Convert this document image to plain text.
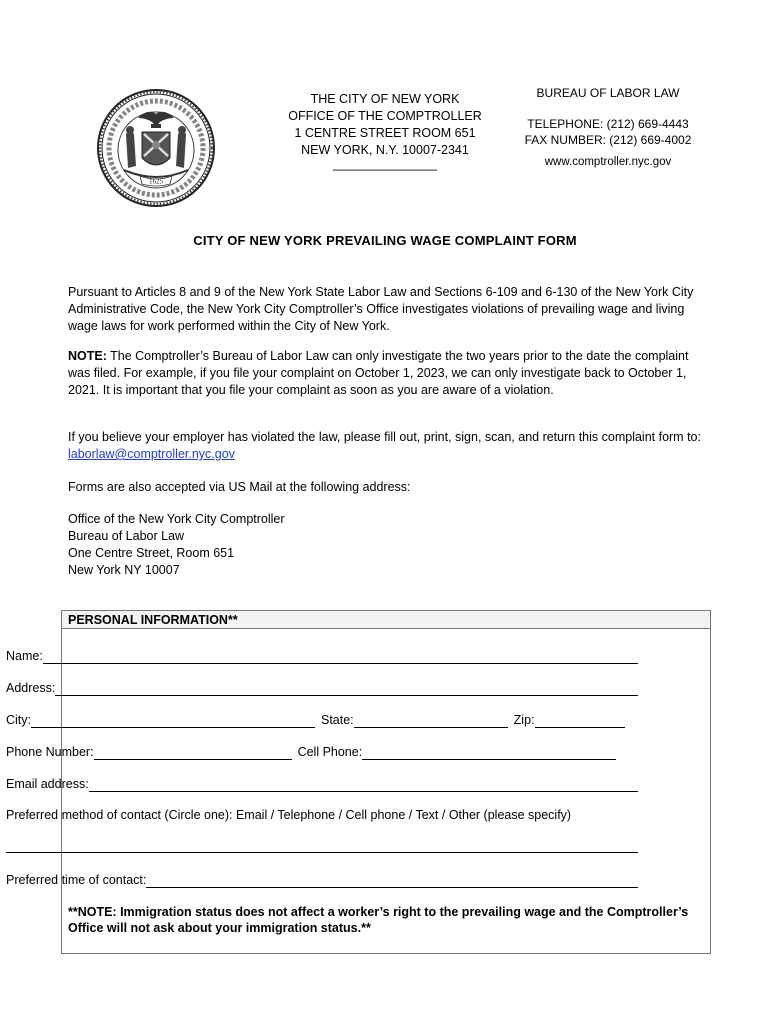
1625
THE CITY OF NEW YORK
OFFICE OF THE COMPTROLLER
1 CENTRE STREET ROOM 651
NEW YORK, N.Y. 10007-2341
_______________
BUREAU OF LABOR LAW
TELEPHONE: (212) 669-4443
FAX NUMBER: (212) 669-4002
www.comptroller.nyc.gov
CITY OF NEW YORK PREVAILING WAGE COMPLAINT FORM
Pursuant to Articles 8 and 9 of the New York State Labor Law and Sections 6-109 and 6-130 of the New York City Administrative Code, the New York City Comptroller’s Office investigates violations of prevailing wage and living wage laws for work performed within the City of New York.
NOTE: The Comptroller’s Bureau of Labor Law can only investigate the two years prior to the date the complaint was filed. For example, if you file your complaint on October 1, 2023, we can only investigate back to October 1, 2021. It is important that you file your complaint as soon as you are aware of a violation.
If you believe your employer has violated the law, please fill out, print, sign, scan, and return this complaint form to: laborlaw@comptroller.nyc.gov
Forms are also accepted via US Mail at the following address:
Office of the New York City Comptroller
Bureau of Labor Law
One Centre Street, Room 651
New York NY 10007
PERSONAL INFORMATION**
Name:
Address:
City:	State:	Zip:
Phone Number:	Cell Phone:
Email address:
Preferred method of contact (Circle one): Email / Telephone / Cell phone / Text / Other (please specify)
Preferred time of contact:
**NOTE: Immigration status does not affect a worker’s right to the prevailing wage and the Comptroller’s Office will not ask about your immigration status.**
